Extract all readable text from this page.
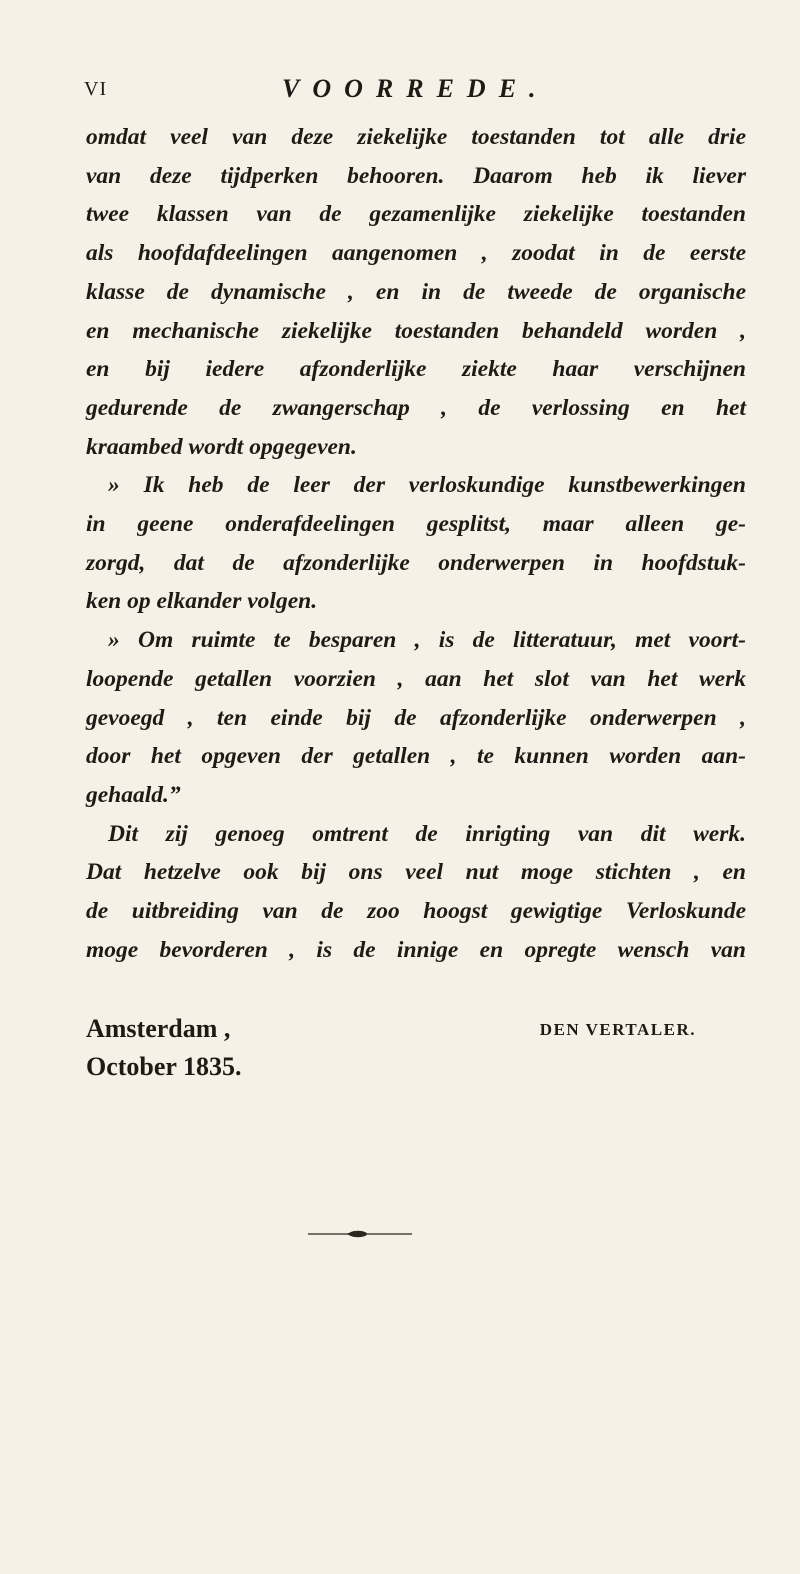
VI	VOORREDE.
omdat veel van deze ziekelijke toestanden tot alle drie
van deze tijdperken behooren. Daarom heb ik liever
twee klassen van de gezamenlijke ziekelijke toestanden
als hoofdafdeelingen aangenomen , zoodat in de eerste
klasse de dynamische , en in de tweede de organische
en mechanische ziekelijke toestanden behandeld worden ,
en bij iedere afzonderlijke ziekte haar verschijnen
gedurende de zwangerschap , de verlossing en het
kraambed wordt opgegeven.
» Ik heb de leer der verloskundige kunstbewerkingen
in geene onderafdeelingen gesplitst, maar alleen ge-
zorgd, dat de afzonderlijke onderwerpen in hoofdstuk-
ken op elkander volgen.
» Om ruimte te besparen , is de litteratuur, met voort-
loopende getallen voorzien , aan het slot van het werk
gevoegd , ten einde bij de afzonderlijke onderwerpen ,
door het opgeven der getallen , te kunnen worden aan-
gehaald.”
Dit zij genoeg omtrent de inrigting van dit werk.
Dat hetzelve ook bij ons veel nut moge stichten , en
de uitbreiding van de zoo hoogst gewigtige Verloskunde
moge bevorderen , is de innige en opregte wensch van
Amsterdam ,
October 1835.
DEN VERTALER.
